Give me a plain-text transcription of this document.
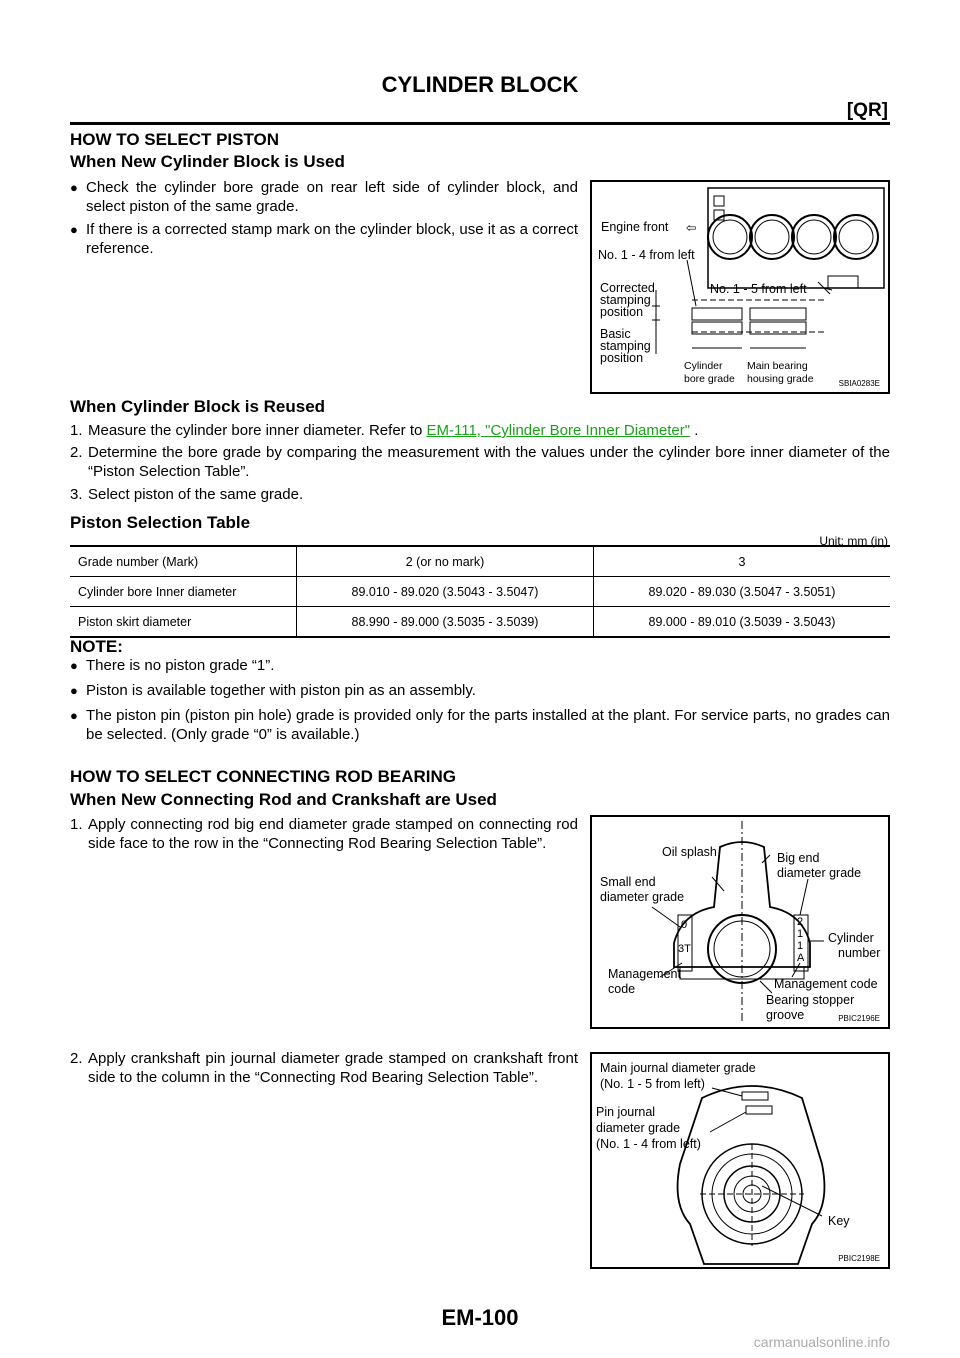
CYLINDER BLOCK
[QR]
HOW TO SELECT PISTON
When New Cylinder Block is Used
● Check the cylinder bore grade on rear left side of cylinder block, and select piston of the same grade.
● If there is a corrected stamp mark on the cylinder block, use it as a correct reference.
Engine front ⇦
No. 1 - 4 from left
No. 1 - 5 from left
Corrected
stamping
position
Basic
stamping
position
Cylinder
bore grade
Main bearing
housing grade	SBIA0283E
When Cylinder Block is Reused
1. Measure the cylinder bore inner diameter. Refer to EM-111, "Cylinder Bore Inner Diameter" .
2. Determine the bore grade by comparing the measurement with the values under the cylinder bore inner diameter of the “Piston Selection Table”.
3. Select piston of the same grade.
Piston Selection Table
Unit: mm (in)
Grade number (Mark)	2 (or no mark)	3
Cylinder bore Inner diameter	89.010 - 89.020 (3.5043 - 3.5047)	89.020 - 89.030 (3.5047 - 3.5051)
Piston skirt diameter	88.990 - 89.000 (3.5035 - 3.5039)	89.000 - 89.010 (3.5039 - 3.5043)
NOTE:
● There is no piston grade “1”.
● Piston is available together with piston pin as an assembly.
● The piston pin (piston pin hole) grade is provided only for the parts installed at the plant. For service parts, no grades can be selected. (Only grade “0” is available.)
HOW TO SELECT CONNECTING ROD BEARING
When New Connecting Rod and Crankshaft are Used
1. Apply connecting rod big end diameter grade stamped on connecting rod side face to the row in the “Connecting Rod Bearing Selection Table”.	Oil splash	Big end
diameter grade
Small end
diameter grade
Cylinder
number
Management
code	Management code
Bearing stopper
groove
0
3T
2
1
1
A
PBIC2196E
2. Apply crankshaft pin journal diameter grade stamped on crankshaft front side to the column in the “Connecting Rod Bearing Selection Table”.
Main journal diameter grade
(No. 1 - 5 from left)
Pin journal
diameter grade
(No. 1 - 4 from left)
Key
PBIC2198E
EM-100
carmanualsonline.info
